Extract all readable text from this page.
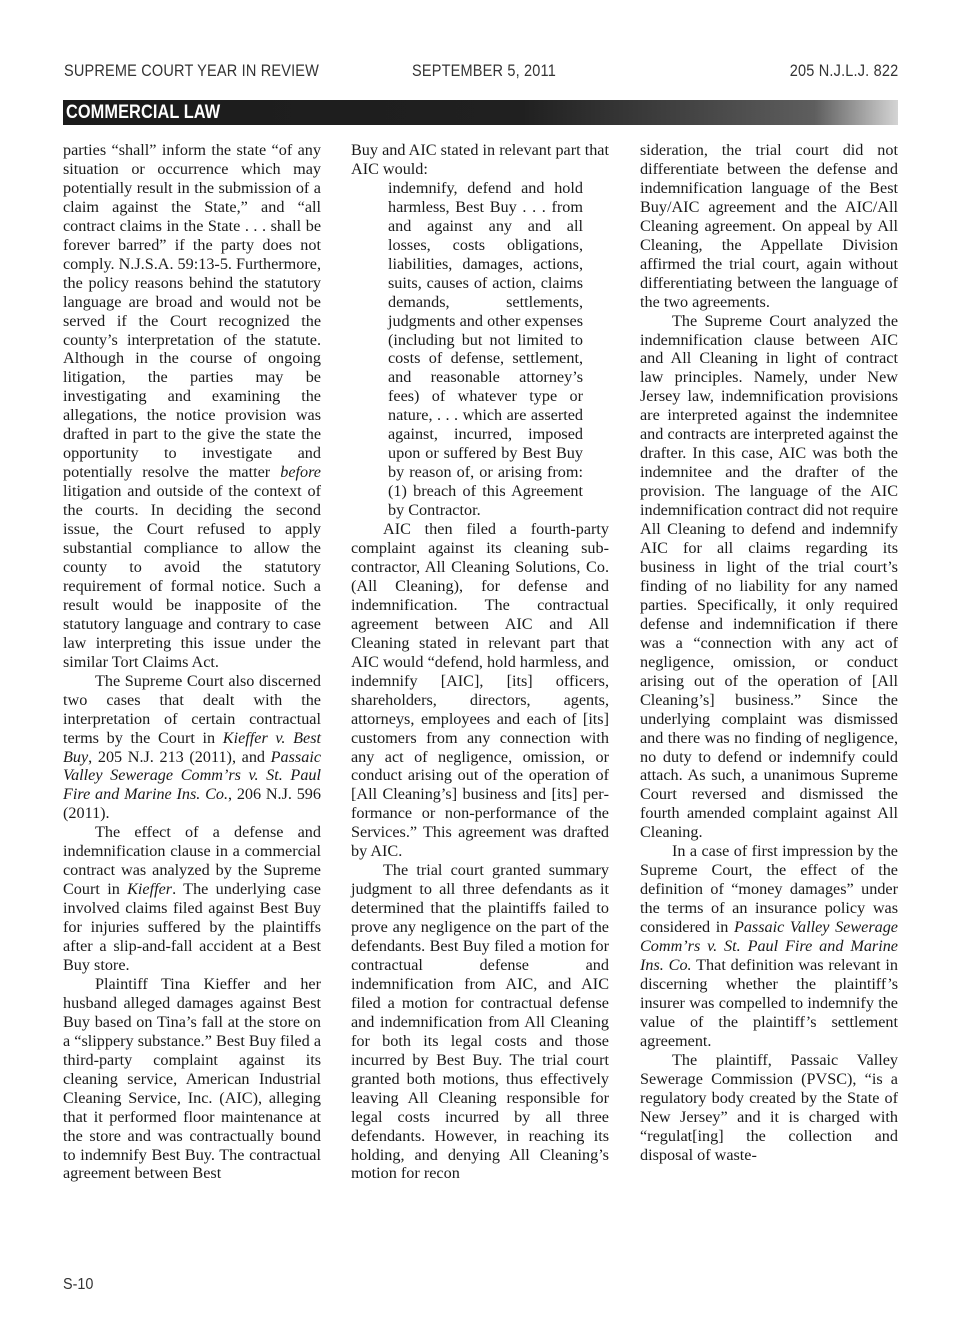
SUPREME COURT YEAR IN REVIEW	SEPTEMBER 5, 2011	205 N.J.L.J. 822
COMMERCIAL LAW

parties “shall” inform the state “of any situation or occurrence which may potentially result in the submission of a claim against the State,” and “all contract claims in the State . . . shall be forever barred” if the party does not comply. N.J.S.A. 59:13-5. Furthermore, the policy reasons behind the statutory language are broad and would not be served if the Court recognized the county’s interpretation of the statute. Although in the course of ongoing litigation, the parties may be investigating and examining the allegations, the notice provision was drafted in part to the give the state the opportunity to investigate and potentially resolve the matter before litigation and outside of the context of the courts. In deciding the second issue, the Court refused to apply substantial compliance to allow the county to avoid the statutory requirement of formal notice. Such a result would be inapposite of the statutory language and contrary to case law interpreting this issue under the similar Tort Claims Act.

The Supreme Court also discerned two cases that dealt with the interpretation of certain contractual terms by the Court in Kieffer v. Best Buy, 205 N.J. 213 (2011), and Passaic Valley Sewerage Comm’rs v. St. Paul Fire and Marine Ins. Co., 206 N.J. 596 (2011).

The effect of a defense and indemnification clause in a commercial contract was analyzed by the Supreme Court in Kieffer. The underlying case involved claims filed against Best Buy for injuries suffered by the plaintiffs after a slip-and-fall accident at a Best Buy store.

Plaintiff Tina Kieffer and her husband alleged damages against Best Buy based on Tina’s fall at the store on a “slippery substance.” Best Buy filed a third-party complaint against its cleaning service, American Industrial Cleaning Service, Inc. (AIC), alleging that it performed floor maintenance at the store and was contractually bound to indemnify Best Buy. The contractual agreement between Best

Buy and AIC stated in relevant part that AIC would:

indemnify, defend and hold harmless, Best Buy . . . from and against any and all losses, costs obligations, liabilities, damages, actions, suits, causes of action, claims demands, settlements, judgments and other expenses (including but not limited to costs of defense, settlement, and reasonable attorney’s fees) of whatever type or nature, . . . which are asserted against, incurred, imposed upon or suffered by Best Buy by reason of, or arising from: (1) breach of this Agreement by Contractor.

AIC then filed a fourth-party complaint against its cleaning subcontractor, All Cleaning Solutions, Co. (All Cleaning), for defense and indemnification. The contractual agreement between AIC and All Cleaning stated in relevant part that AIC would “defend, hold harmless, and indemnify [AIC], [its] officers, shareholders, directors, agents, attorneys, employees and each of [its] customers from any connection with any act of negligence, omission, or conduct arising out of the operation of [All Cleaning’s] business and [its] performance or non-performance of the Services.” This agreement was drafted by AIC.

The trial court granted summary judgment to all three defendants as it determined that the plaintiffs failed to prove any negligence on the part of the defendants. Best Buy filed a motion for contractual defense and indemnification from AIC, and AIC filed a motion for contractual defense and indemnification from All Cleaning for both its legal costs and those incurred by Best Buy. The trial court granted both motions, thus effectively leaving All Cleaning responsible for legal costs incurred by all three defendants. However, in reaching its holding, and denying All Cleaning’s motion for recon

sideration, the trial court did not differentiate between the defense and indemnification language of the Best Buy/AIC agreement and the AIC/All Cleaning agreement. On appeal by All Cleaning, the Appellate Division affirmed the trial court, again without differentiating between the language of the two agreements.

The Supreme Court analyzed the indemnification clause between AIC and All Cleaning in light of contract law principles. Namely, under New Jersey law, indemnification provisions are interpreted against the indemnitee and contracts are interpreted against the drafter. In this case, AIC was both the indemnitee and the drafter of the provision. The language of the AIC indemnification contract did not require All Cleaning to defend and indemnify AIC for all claims regarding its business in light of the trial court’s finding of no liability for any named parties. Specifically, it only required defense and indemnification if there was a “connection with any act of negligence, omission, or conduct arising out of the operation of [All Cleaning’s] business.” Since the underlying complaint was dismissed and there was no finding of negligence, no duty to defend or indemnify could attach. As such, a unanimous Supreme Court reversed and dismissed the fourth amended complaint against All Cleaning.

In a case of first impression by the Supreme Court, the effect of the definition of “money damages” under the terms of an insurance policy was considered in Passaic Valley Sewerage Comm’rs v. St. Paul Fire and Marine Ins. Co. That definition was relevant in discerning whether the plaintiff’s insurer was compelled to indemnify the value of the plaintiff’s settlement agreement.

The plaintiff, Passaic Valley Sewerage Commission (PVSC), “is a regulatory body created by the State of New Jersey” and it is charged with “regulat[ing] the collection and disposal of waste-

S-10
